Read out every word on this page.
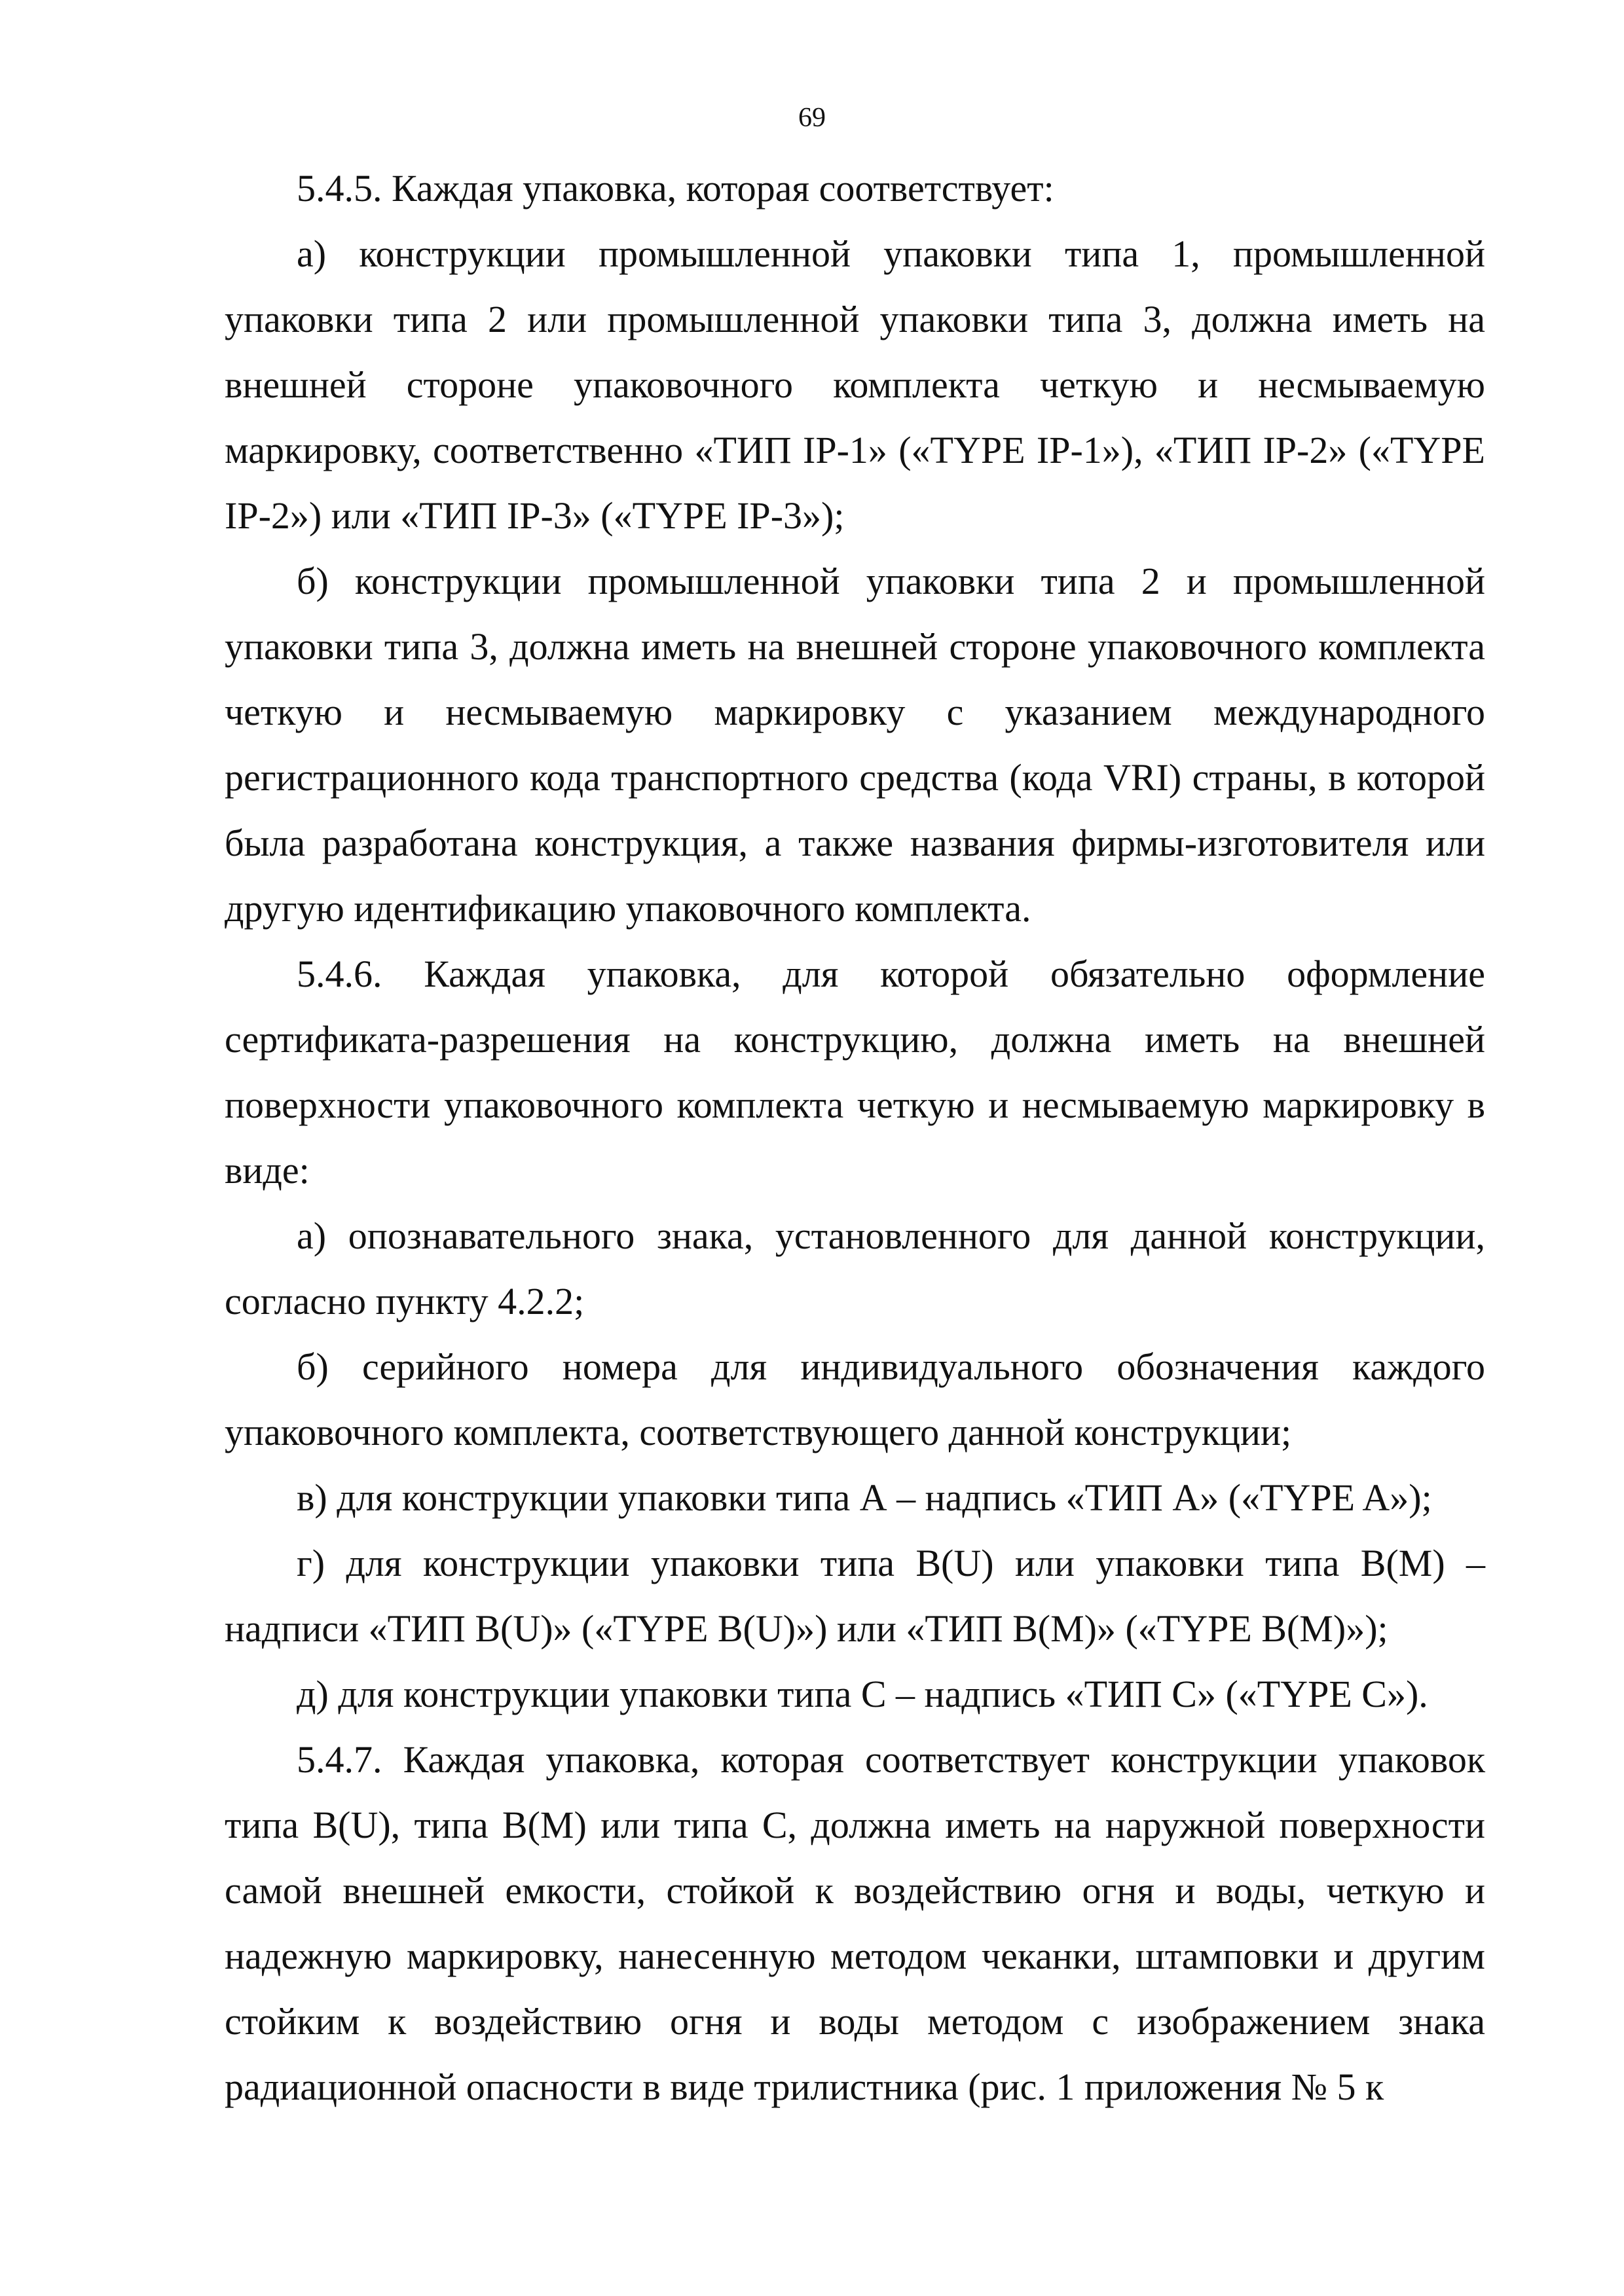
69

5.4.5. Каждая упаковка, которая соответствует:

а) конструкции промышленной упаковки типа 1, промышленной упаковки типа 2 или промышленной упаковки типа 3, должна иметь на внешней стороне упаковочного комплекта четкую и несмываемую маркировку, соответственно «ТИП IP-1» («TYPE IP-1»), «ТИП IP-2» («TYPE IP-2») или «ТИП IP-3» («TYPE IP-3»);

б) конструкции промышленной упаковки типа 2 и промышленной упаковки типа 3, должна иметь на внешней стороне упаковочного комплекта четкую и несмываемую маркировку с указанием международного регистрационного кода транспортного средства (кода VRI) страны, в которой была разработана конструкция, а также названия фирмы-изготовителя или другую идентификацию упаковочного комплекта.

5.4.6. Каждая упаковка, для которой обязательно оформление сертификата-разрешения на конструкцию, должна иметь на внешней поверхности упаковочного комплекта четкую и несмываемую маркировку в виде:

а) опознавательного знака, установленного для данной конструкции, согласно пункту 4.2.2;

б) серийного номера для индивидуального обозначения каждого упаковочного комплекта, соответствующего данной конструкции;

в) для конструкции упаковки типа А – надпись «ТИП А» («TYPE A»);

г) для конструкции упаковки типа B(U) или упаковки типа B(M) – надписи «ТИП B(U)» («TYPE B(U)») или «ТИП B(M)» («TYPE B(M)»);

д) для конструкции упаковки типа С – надпись «ТИП С» («TYPE C»).

5.4.7. Каждая упаковка, которая соответствует конструкции упаковок типа B(U), типа B(M) или типа С, должна иметь на наружной поверхности самой внешней емкости, стойкой к воздействию огня и воды, четкую и надежную маркировку, нанесенную методом чеканки, штамповки и другим стойким к воздействию огня и воды методом с изображением знака радиационной опасности в виде трилистника (рис. 1 приложения № 5 к
